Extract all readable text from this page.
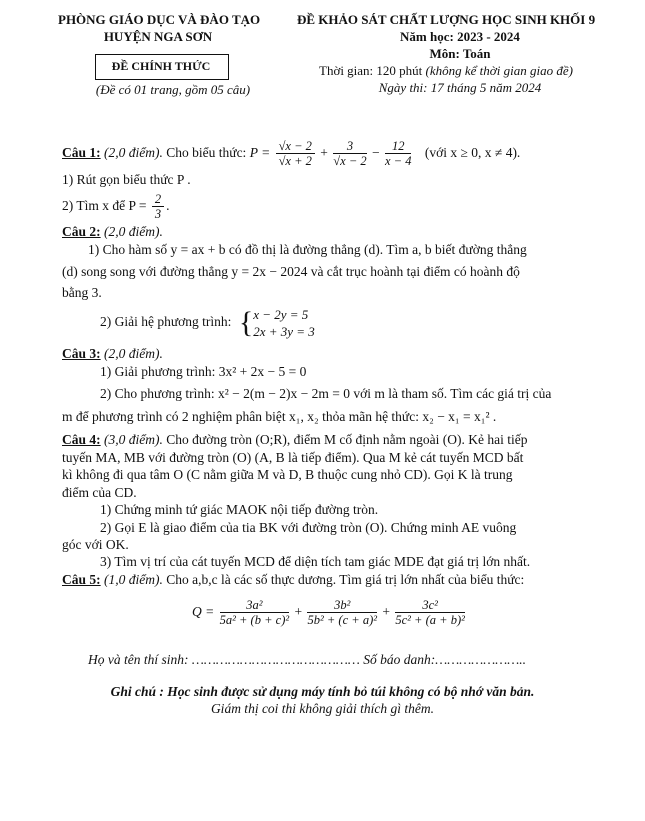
PHÒNG GIÁO DỤC VÀ ĐÀO TẠO
HUYỆN NGA SƠN
ĐỀ CHÍNH THỨC
(Đề có 01 trang, gồm 05 câu)
ĐỀ KHẢO SÁT CHẤT LƯỢNG HỌC SINH KHỐI 9
Năm học: 2023 - 2024
Môn: Toán
Thời gian: 120 phút (không kể thời gian giao đề)
Ngày thi: 17 tháng 5 năm 2024
Câu 1: (2,0 điểm). Cho biểu thức: $P = \frac{√x - 2}{√x + 2} + \frac{3}{√x - 2} - \frac{12}{x - 4}$ (với x ≥ 0, x ≠ 4).
1) Rút gọn biểu thức P .
2) Tìm x để $P = \frac{2}{3}$ .
Câu 2: (2,0 điểm).
1) Cho hàm số y = ax + b có đồ thị là đường thẳng (d). Tìm a, b biết đường thẳng
(d) song song với đường thẳng y = 2x − 2024 và cắt trục hoành tại điểm có hoành độ
bằng 3.
2) Giải hệ phương trình: { x − 2y = 5
2x + 3y = 3
Câu 3: (2,0 điểm).
1) Giải phương trình: 3x² + 2x − 5 = 0
2) Cho phương trình: x² − 2(m − 2)x − 2m = 0 với m là tham số. Tìm các giá trị của
m để phương trình có 2 nghiệm phân biệt x₁, x₂ thỏa mãn hệ thức: x₂ − x₁ = x₁² .
Câu 4: (3,0 điểm). Cho đường tròn (O;R), điểm M cố định nằm ngoài (O). Kẻ hai tiếp
tuyến MA, MB với đường tròn (O) (A, B là tiếp điểm). Qua M kẻ cát tuyến MCD bất
kì không đi qua tâm O (C nằm giữa M và D, B thuộc cung nhỏ CD). Gọi K là trung
điểm của CD.
1) Chứng minh tứ giác MAOK nội tiếp đường tròn.
2) Gọi E là giao điểm của tia BK với đường tròn (O). Chứng minh AE vuông
góc với OK.
3) Tìm vị trí của cát tuyến MCD để diện tích tam giác MDE đạt giá trị lớn nhất.
Câu 5: (1,0 điểm). Cho a,b,c là các số thực dương. Tìm giá trị lớn nhất của biểu thức:
$Q = \frac{\text{3a²}}{\text{5a² + (b + c)²}} + \frac{\text{3b²}}{\text{5b² + (c + a)²}} + \frac{\text{3c²}}{\text{5c² + (a + b)²}}$
Họ và tên thí sinh: …………………………………… Số báo danh:…………………..
Ghi chú : Học sinh được sử dụng máy tính bỏ túi không có bộ nhớ văn bản.
Giám thị coi thi không giải thích gì thêm.
